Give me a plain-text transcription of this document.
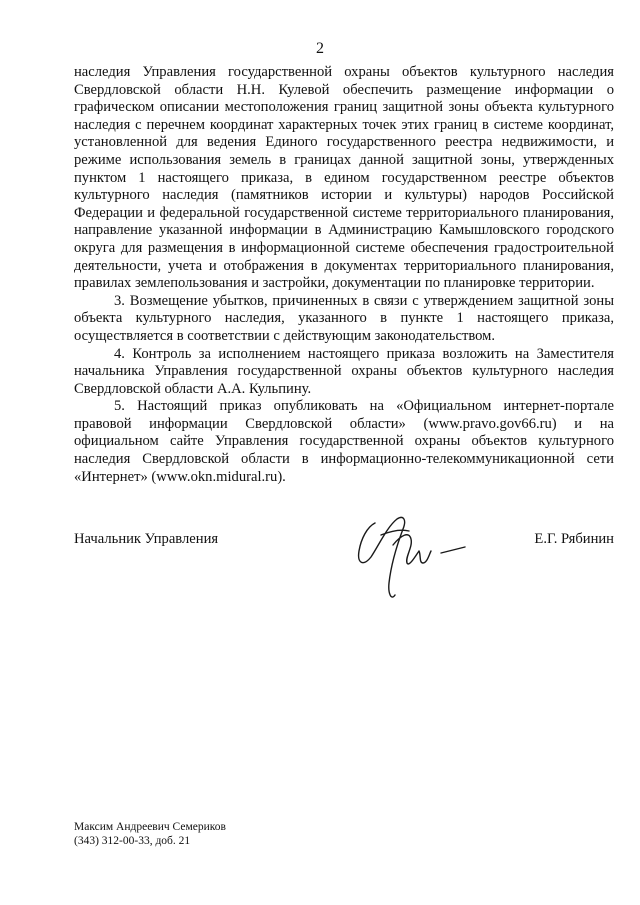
2

наследия Управления государственной охраны объектов культурного наследия Свердловской области Н.Н. Кулевой обеспечить размещение информации о графическом описании местоположения границ защитной зоны объекта культурного наследия с перечнем координат характерных точек этих границ в системе координат, установленной для ведения Единого государственного реестра недвижимости, и режиме использования земель в границах данной защитной зоны, утвержденных пунктом 1 настоящего приказа, в едином государственном реестре объектов культурного наследия (памятников истории и культуры) народов Российской Федерации и федеральной государственной системе территориального планирования, направление указанной информации в Администрацию Камышловского городского округа для размещения в информационной системе обеспечения градостроительной деятельности, учета и отображения в документах территориального планирования, правилах землепользования и застройки, документации по планировке территории.

3. Возмещение убытков, причиненных в связи с утверждением защитной зоны объекта культурного наследия, указанного в пункте 1 настоящего приказа, осуществляется в соответствии с действующим законодательством.

4. Контроль за исполнением настоящего приказа возложить на Заместителя начальника Управления государственной охраны объектов культурного наследия Свердловской области А.А. Кульпину.

5. Настоящий приказ опубликовать на «Официальном интернет-портале правовой информации Свердловской области» (www.pravo.gov66.ru) и на официальном сайте Управления государственной охраны объектов культурного наследия Свердловской области в информационно-телекоммуникационной сети «Интернет» (www.okn.midural.ru).

Начальник Управления	Е.Г. Рябинин
Максим Андреевич Семериков
(343) 312-00-33, доб. 21
